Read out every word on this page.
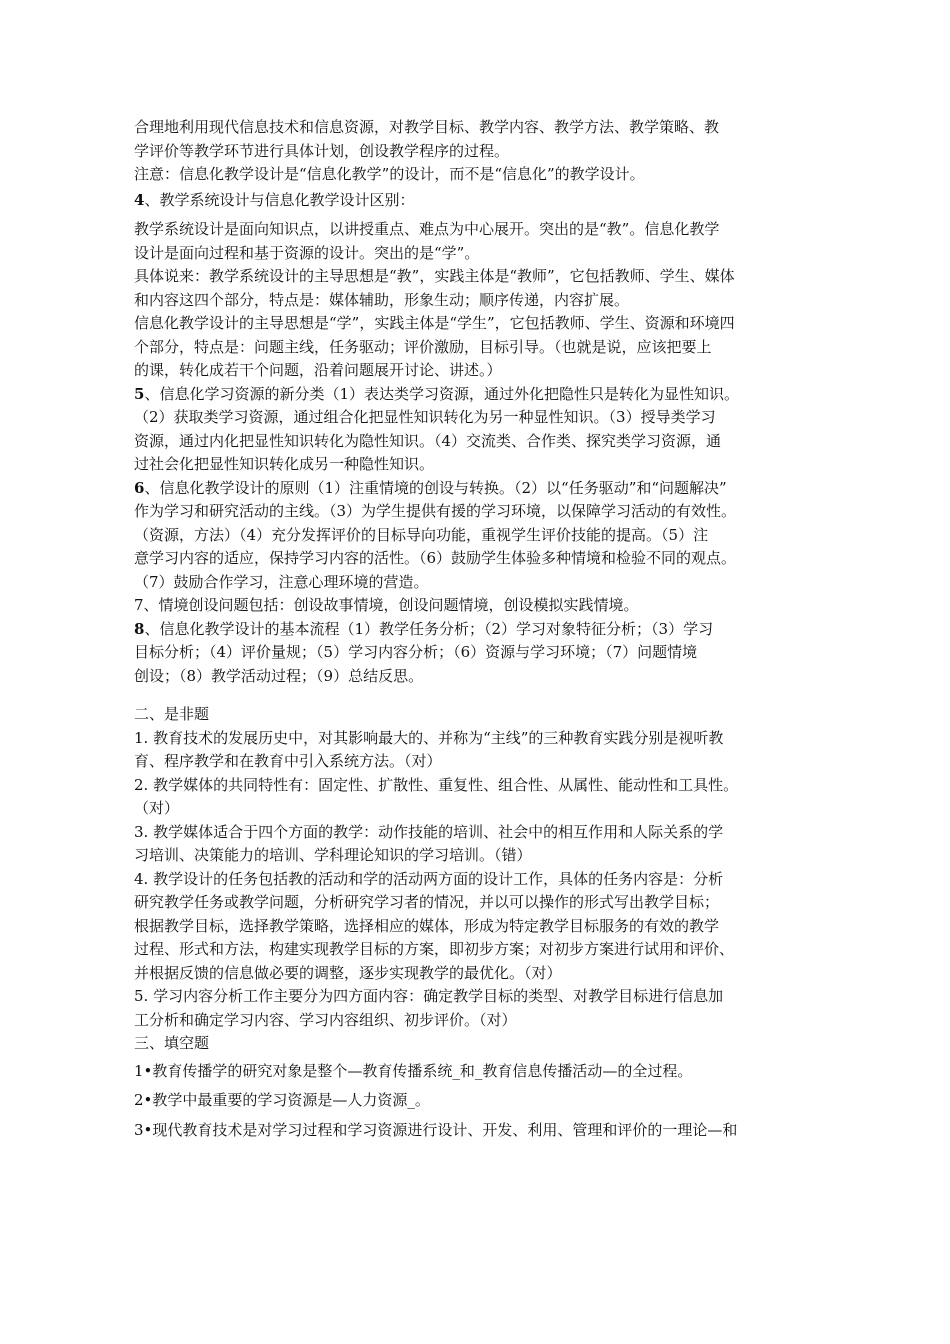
合理地利用现代信息技术和信息资源，对教学目标、教学内容、教学方法、教学策略、教
学评价等教学环节进行具体计划，创设教学程序的过程。
注意：信息化教学设计是“信息化教学”的设计，而不是“信息化”的教学设计。
4、教学系统设计与信息化教学设计区别：
教学系统设计是面向知识点，以讲授重点、难点为中心展开。突出的是“教”。信息化教学
设计是面向过程和基于资源的设计。突出的是“学”。
具体说来：教学系统设计的主导思想是“教”，实践主体是“教师”，它包括教师、学生、媒体
和内容这四个部分，特点是：媒体辅助，形象生动；顺序传递，内容扩展。
信息化教学设计的主导思想是“学”，实践主体是“学生”，它包括教师、学生、资源和环境四
个部分，特点是：问题主线，任务驱动；评价激励，目标引导。（也就是说，应该把要上
的课，转化成若干个问题，沿着问题展开讨论、讲述。）
5、信息化学习资源的新分类（1）表达类学习资源，通过外化把隐性只是转化为显性知识。
（2）获取类学习资源，通过组合化把显性知识转化为另一种显性知识。（3）授导类学习
资源，通过内化把显性知识转化为隐性知识。（4）交流类、合作类、探究类学习资源，通
过社会化把显性知识转化成另一种隐性知识。
6、信息化教学设计的原则（1）注重情境的创设与转换。（2）以“任务驱动”和“问题解决”
作为学习和研究活动的主线。（3）为学生提供有援的学习环境，以保障学习活动的有效性。
（资源，方法）（4）充分发挥评价的目标导向功能，重视学生评价技能的提高。（5）注
意学习内容的适应，保持学习内容的活性。（6）鼓励学生体验多种情境和检验不同的观点。
（7）鼓励合作学习，注意心理环境的营造。
7、情境创设问题包括：创设故事情境，创设问题情境，创设模拟实践情境。
8、信息化教学设计的基本流程（1）教学任务分析；（2）学习对象特征分析；（3）学习
目标分析；（4）评价量规；（5）学习内容分析；（6）资源与学习环境；（7）问题情境
创设；（8）教学活动过程；（9）总结反思。
二、是非题
1. 教育技术的发展历史中，对其影响最大的、并称为“主线”的三种教育实践分别是视听教
育、程序教学和在教育中引入系统方法。（对）
2. 教学媒体的共同特性有：固定性、扩散性、重复性、组合性、从属性、能动性和工具性。
（对）
3. 教学媒体适合于四个方面的教学：动作技能的培训、社会中的相互作用和人际关系的学
习培训、决策能力的培训、学科理论知识的学习培训。（错）
4. 教学设计的任务包括教的活动和学的活动两方面的设计工作，具体的任务内容是：分析
研究教学任务或教学问题，分析研究学习者的情况，并以可以操作的形式写出教学目标；
根据教学目标，选择教学策略，选择相应的媒体，形成为特定教学目标服务的有效的教学
过程、形式和方法，构建实现教学目标的方案，即初步方案；对初步方案进行试用和评价、
并根据反馈的信息做必要的调整，逐步实现教学的最优化。（对）
5. 学习内容分析工作主要分为四方面内容：确定教学目标的类型、对教学目标进行信息加
工分析和确定学习内容、学习内容组织、初步评价。（对）
三、填空题
1•教育传播学的研究对象是整个—教育传播系统_和_教育信息传播活动—的全过程。
2•教学中最重要的学习资源是—人力资源_。
3•现代教育技术是对学习过程和学习资源进行设计、开发、利用、管理和评价的一理论—和
